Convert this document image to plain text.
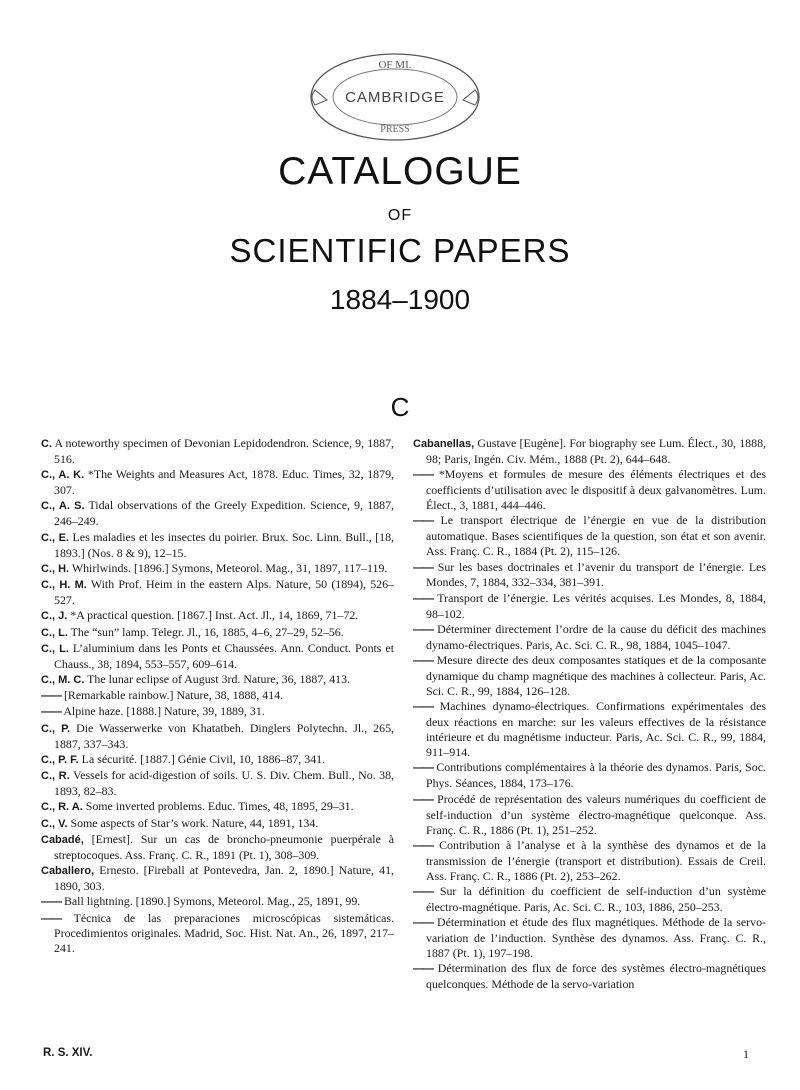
OF MI.
CAMBRIDGE
PRESS
CATALOGUE
OF
SCIENTIFIC PAPERS
1884–1900
C
C. A noteworthy specimen of Devonian Lepidodendron. Science, 9, 1887, 516.
C., A. K. *The Weights and Measures Act, 1878. Educ. Times, 32, 1879, 307.
C., A. S. Tidal observations of the Greely Expedition. Science, 9, 1887, 246–249.
C., E. Les maladies et les insectes du poirier. Brux. Soc. Linn. Bull., [18, 1893.] (Nos. 8 & 9), 12–15.
C., H. Whirlwinds. [1896.] Symons, Meteorol. Mag., 31, 1897, 117–119.
C., H. M. With Prof. Heim in the eastern Alps. Nature, 50 (1894), 526–527.
C., J. *A practical question. [1867.] Inst. Act. Jl., 14, 1869, 71–72.
C., L. The “sun” lamp. Telegr. Jl., 16, 1885, 4–6, 27–29, 52–56.
C., L. L’aluminium dans les Ponts et Chaussées. Ann. Conduct. Ponts et Chauss., 38, 1894, 553–557, 609–614.
C., M. C. The lunar eclipse of August 3rd. Nature, 36, 1887, 413.
—— [Remarkable rainbow.] Nature, 38, 1888, 414.
—— Alpine haze. [1888.] Nature, 39, 1889, 31.
C., P. Die Wasserwerke von Khatatbeh. Dinglers Polytechn. Jl., 265, 1887, 337–343.
C., P. F. La sécurité. [1887.] Génie Civil, 10, 1886–87, 341.
C., R. Vessels for acid-digestion of soils. U. S. Div. Chem. Bull., No. 38, 1893, 82–83.
C., R. A. Some inverted problems. Educ. Times, 48, 1895, 29–31.
C., V. Some aspects of Star’s work. Nature, 44, 1891, 134.
Cabadé, [Ernest]. Sur un cas de broncho-pneumonie puerpérale à streptocoques. Ass. Franç. C. R., 1891 (Pt. 1), 308–309.
Caballero, Ernesto. [Fireball at Pontevedra, Jan. 2, 1890.] Nature, 41, 1890, 303.
—— Ball lightning. [1890.] Symons, Meteorol. Mag., 25, 1891, 99.
—— Técnica de las preparaciones microscópicas sistemáticas. Procedimientos originales. Madrid, Soc. Hist. Nat. An., 26, 1897, 217–241.
Cabanellas, Gustave [Eugène]. For biography see Lum. Élect., 30, 1888, 98; Paris, Ingén. Civ. Mém., 1888 (Pt. 2), 644–648.
—— *Moyens et formules de mesure des éléments électriques et des coefficients d’utilisation avec le dispositif à deux galvanomètres. Lum. Élect., 3, 1881, 444–446.
—— Le transport électrique de l’énergie en vue de la distribution automatique. Bases scientifiques de la question, son état et son avenir. Ass. Franç. C. R., 1884 (Pt. 2), 115–126.
—— Sur les bases doctrinales et l’avenir du transport de l’énergie. Les Mondes, 7, 1884, 332–334, 381–391.
—— Transport de l’énergie. Les vérités acquises. Les Mondes, 8, 1884, 98–102.
—— Déterminer directement l’ordre de la cause du déficit des machines dynamo-électriques. Paris, Ac. Sci. C. R., 98, 1884, 1045–1047.
—— Mesure directe des deux composantes statiques et de la composante dynamique du champ magnétique des machines à collecteur. Paris, Ac. Sci. C. R., 99, 1884, 126–128.
—— Machines dynamo-électriques. Confirmations expérimentales des deux réactions en marche: sur les valeurs effectives de la résistance intérieure et du magnétisme inducteur. Paris, Ac. Sci. C. R., 99, 1884, 911–914.
—— Contributions complémentaires à la théorie des dynamos. Paris, Soc. Phys. Séances, 1884, 173–176.
—— Procédé de représentation des valeurs numériques du coefficient de self-induction d’un système électro-magnétique quelconque. Ass. Franç. C. R., 1886 (Pt. 1), 251–252.
—— Contribution à l’analyse et à la synthèse des dynamos et de la transmission de l’énergie (transport et distribution). Essais de Creil. Ass. Franç. C. R., 1886 (Pt. 2), 253–262.
—— Sur la définition du coefficient de self-induction d’un système électro-magnétique. Paris, Ac. Sci. C. R., 103, 1886, 250–253.
—— Détermination et étude des flux magnétiques. Méthode de la servo-variation de l’induction. Synthèse des dynamos. Ass. Franç. C. R., 1887 (Pt. 1), 197–198.
—— Détermination des flux de force des systèmes électro-magnétiques quelconques. Méthode de la servo-variation
R. S. XIV.	1
